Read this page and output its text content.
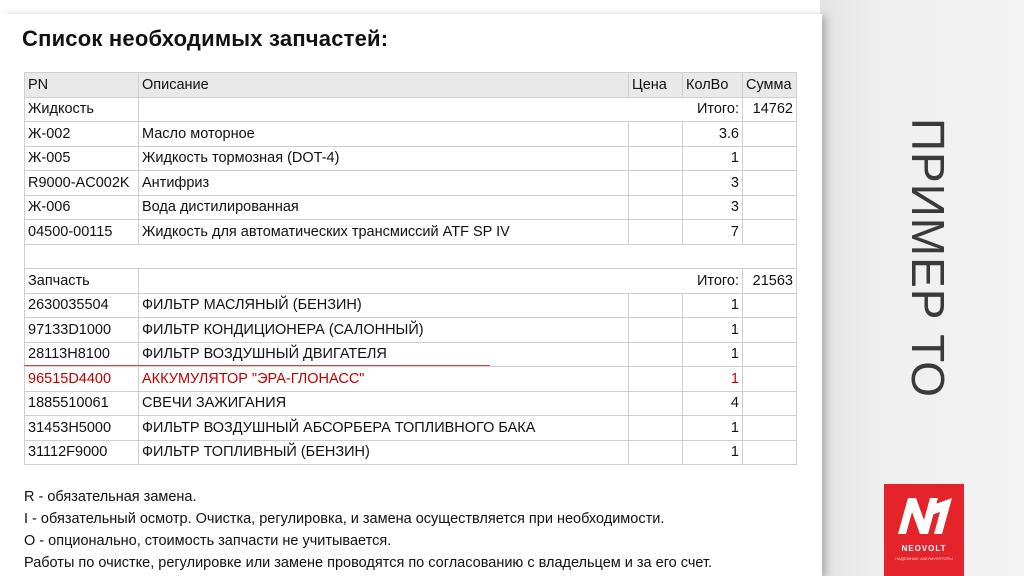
Список необходимых запчастей:
PN	Описание	Цена	КолВо	Сумма
Жидкость	Итого:			14762
Ж-002	Масло моторное		3.6	
Ж-005	Жидкость тормозная (DOT-4)		1	
R9000-AC002K	Антифриз		3	
Ж-006	Вода дистилированная		3	
04500-00115	Жидкость для автоматических трансмиссий ATF SP IV		7	

Запчасть	Итого:			21563
2630035504	ФИЛЬТР МАСЛЯНЫЙ (БЕНЗИН)		1	
97133D1000	ФИЛЬТР КОНДИЦИОНЕРА (САЛОННЫЙ)		1	
28113H8100	ФИЛЬТР ВОЗДУШНЫЙ ДВИГАТЕЛЯ		1	
96515D4400	АККУМУЛЯТОР "ЭРА-ГЛОНАСС"		1	
1885510061	СВЕЧИ ЗАЖИГАНИЯ		4	
31453H5000	ФИЛЬТР ВОЗДУШНЫЙ АБСОРБЕРА ТОПЛИВНОГО БАКА		1	
31112F9000	ФИЛЬТР ТОПЛИВНЫЙ (БЕНЗИН)		1	
R - обязательная замена.
I - обязательный осмотр. Очистка, регулировка, и замена осуществляется при необходимости.
O - опционально, стоимость запчасти не учитывается.
Работы по очистке, регулировке или замене проводятся по согласованию с владельцем и за его счет.
ПРИМЕР ТО
NEOVOLT
НАДЕЖНЫЕ АККУМУЛЯТОРЫ
